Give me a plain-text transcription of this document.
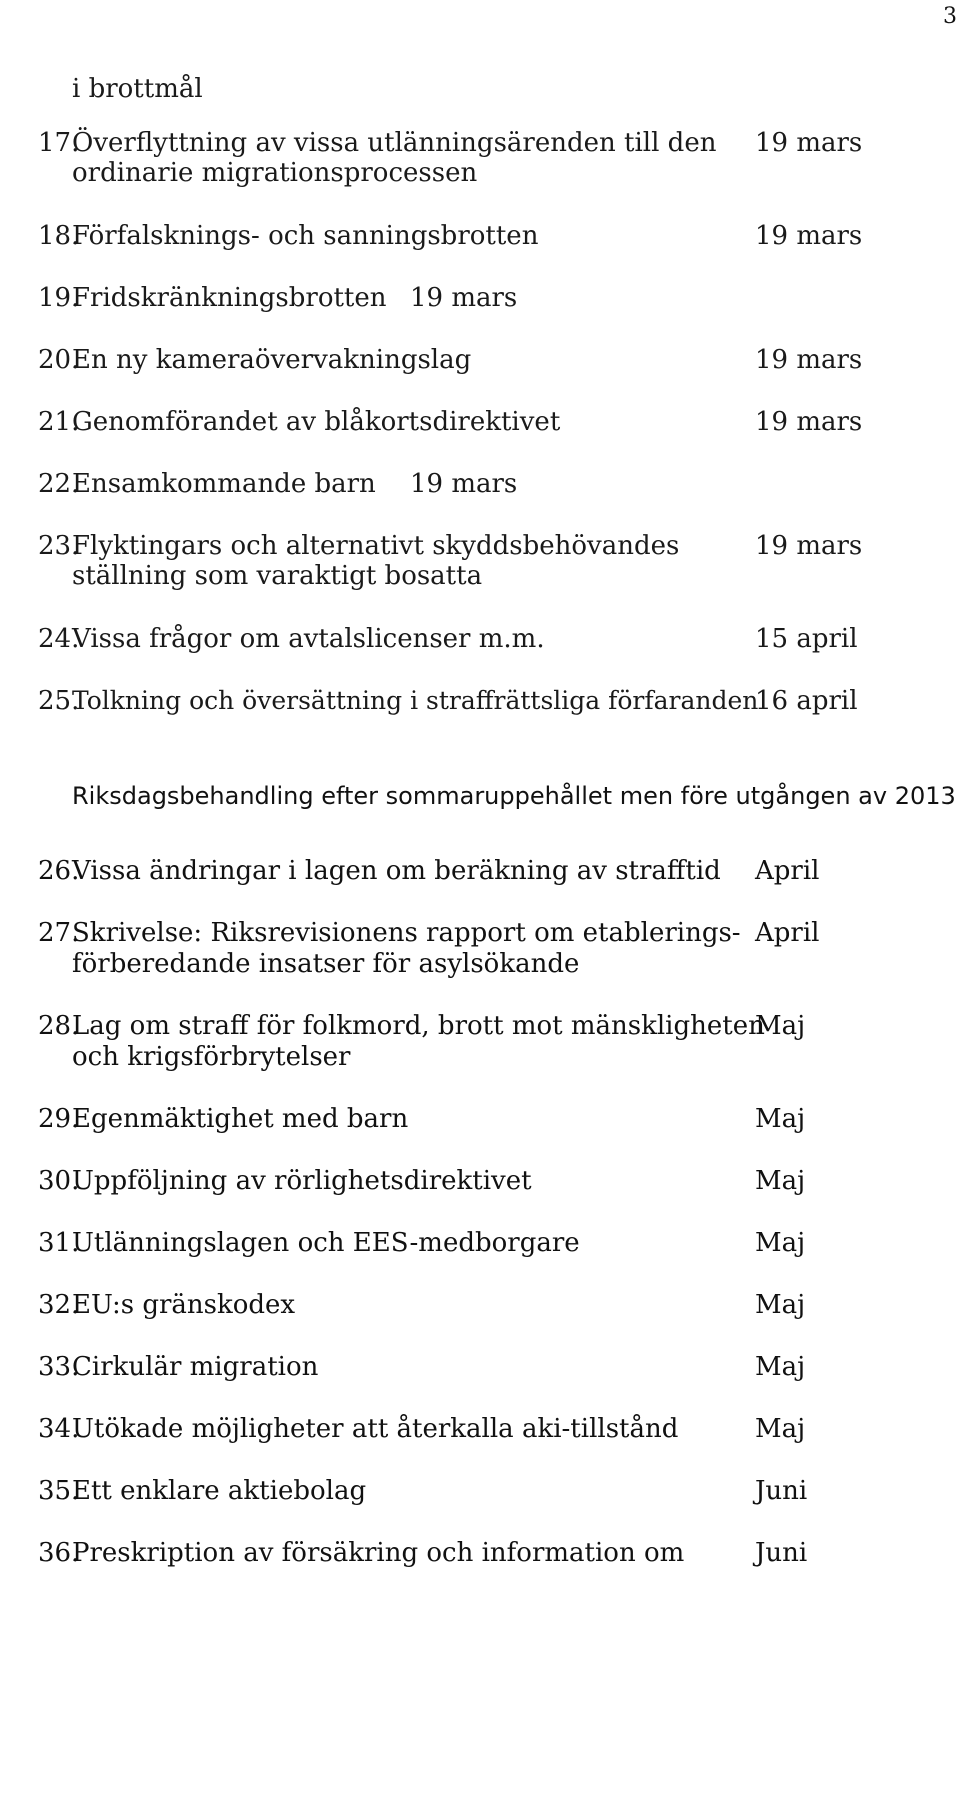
3
i brottmål
17.
Överflyttning av vissa utlänningsärenden till den
ordinarie migrationsprocessen
19 mars
18.
Förfalsknings- och sanningsbrotten	19 mars
19.
Fridskränkningsbrotten 19 mars
20.
En ny kameraövervakningslag	19 mars
21.
Genomförandet av blåkortsdirektivet	19 mars
22.
Ensamkommande barn 19 mars
23.
Flyktingars och alternativt skyddsbehövandes
ställning som varaktigt bosatta
19 mars
24.
Vissa frågor om avtalslicenser m.m.	15 april
25.
Tolkning och översättning i straffrättsliga förfaranden
16 april
Riksdagsbehandling efter sommaruppehållet men före utgången av 2013
26.
Vissa ändringar i lagen om beräkning av strafftid April
27.
Skrivelse: Riksrevisionens rapport om etablerings-
förberedande insatser för asylsökande
April
28.
Lag om straff för folkmord, brott mot mänskligheten
och krigsförbrytelser
Maj
29.
Egenmäktighet med barn	Maj
30.
Uppföljning av rörlighetsdirektivet	Maj
31.
Utlänningslagen och EES-medborgare	Maj
32.
EU:s gränskodex	Maj
33.
Cirkulär migration	Maj
34.
Utökade möjligheter att återkalla aki-tillstånd	Maj
35.
Ett enklare aktiebolag	Juni
36.
Preskription av försäkring och information om	Juni
